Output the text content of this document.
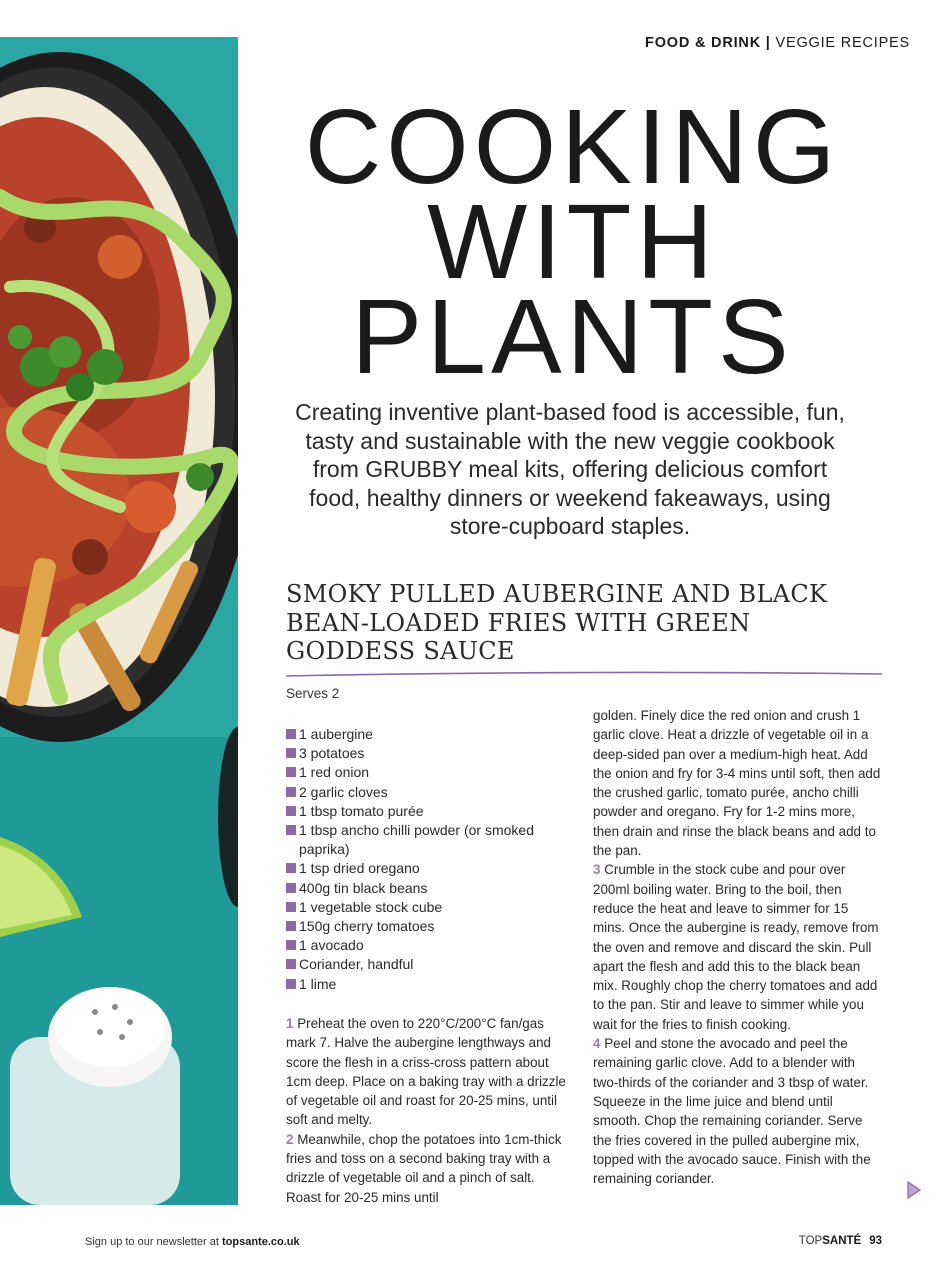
FOOD & DRINK | VEGGIE RECIPES
COOKING
WITH
PLANTS
Creating inventive plant-based food is accessible, fun, tasty and sustainable with the new veggie cookbook from GRUBBY meal kits, offering delicious comfort food, healthy dinners or weekend fakeaways, using store-cupboard staples.
SMOKY PULLED AUBERGINE AND BLACK BEAN-LOADED FRIES WITH GREEN GODDESS SAUCE
Serves 2
1 aubergine
3 potatoes
1 red onion
2 garlic cloves
1 tbsp tomato purée
1 tbsp ancho chilli powder (or smoked paprika)
1 tsp dried oregano
400g tin black beans
1 vegetable stock cube
150g cherry tomatoes
1 avocado
Coriander, handful
1 lime

1 Preheat the oven to 220°C/200°C fan/gas mark 7. Halve the aubergine lengthways and score the flesh in a criss-cross pattern about 1cm deep. Place on a baking tray with a drizzle of vegetable oil and roast for 20-25 mins, until soft and melty.

2 Meanwhile, chop the potatoes into 1cm-thick fries and toss on a second baking tray with a drizzle of vegetable oil and a pinch of salt. Roast for 20-25 mins until

golden. Finely dice the red onion and crush 1 garlic clove. Heat a drizzle of vegetable oil in a deep-sided pan over a medium-high heat. Add the onion and fry for 3-4 mins until soft, then add the crushed garlic, tomato purée, ancho chilli powder and oregano. Fry for 1-2 mins more, then drain and rinse the black beans and add to the pan.

3 Crumble in the stock cube and pour over 200ml boiling water. Bring to the boil, then reduce the heat and leave to simmer for 15 mins. Once the aubergine is ready, remove from the oven and remove and discard the skin. Pull apart the flesh and add this to the black bean mix. Roughly chop the cherry tomatoes and add to the pan. Stir and leave to simmer while you wait for the fries to finish cooking.

4 Peel and stone the avocado and peel the remaining garlic clove. Add to a blender with two-thirds of the coriander and 3 tbsp of water. Squeeze in the lime juice and blend until smooth. Chop the remaining coriander. Serve the fries covered in the pulled aubergine mix, topped with the avocado sauce. Finish with the remaining coriander.

Sign up to our newsletter at topsante.co.uk	TOPSANTÉ 93
